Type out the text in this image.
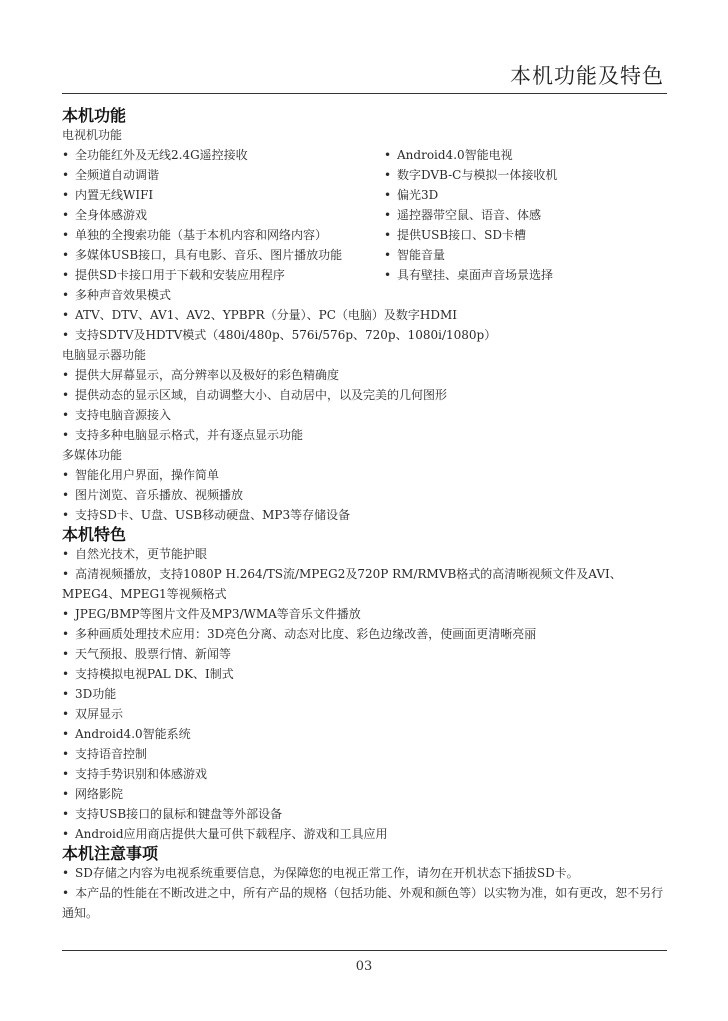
本机功能及特色
本机功能
电视机功能
• 全功能红外及无线2.4G遥控接收
• 全频道自动调谐
• 内置无线WIFI
• 全身体感游戏
• 单独的全搜索功能（基于本机内容和网络内容）
• 多媒体USB接口，具有电影、音乐、图片播放功能
• 提供SD卡接口用于下载和安装应用程序
• Android4.0智能电视
• 数字DVB-C与模拟一体接收机
• 偏光3D
• 遥控器带空鼠、语音、体感
• 提供USB接口、SD卡槽
• 智能音量
• 具有壁挂、桌面声音场景选择
• 多种声音效果模式
• ATV、DTV、AV1、AV2、YPBPR（分量）、PC（电脑）及数字HDMI
• 支持SDTV及HDTV模式（480i/480p、576i/576p、720p、1080i/1080p）
电脑显示器功能
• 提供大屏幕显示，高分辨率以及极好的彩色精确度
• 提供动态的显示区域，自动调整大小、自动居中，以及完美的几何图形
• 支持电脑音源接入
• 支持多种电脑显示格式，并有逐点显示功能
多媒体功能
• 智能化用户界面，操作简单
• 图片浏览、音乐播放、视频播放
• 支持SD卡、U盘、USB移动硬盘、MP3等存储设备
本机特色
• 自然光技术，更节能护眼
• 高清视频播放，支持1080P H.264/TS流/MPEG2及720P RM/RMVB格式的高清晰视频文件及AVI、MPEG4、MPEG1等视频格式
• JPEG/BMP等图片文件及MP3/WMA等音乐文件播放
• 多种画质处理技术应用：3D亮色分离、动态对比度、彩色边缘改善，使画面更清晰亮丽
• 天气预报、股票行情、新闻等
• 支持模拟电视PAL DK、I制式
• 3D功能
• 双屏显示
• Android4.0智能系统
• 支持语音控制
• 支持手势识别和体感游戏
• 网络影院
• 支持USB接口的鼠标和键盘等外部设备
• Android应用商店提供大量可供下载程序、游戏和工具应用
本机注意事项
• SD存储之内容为电视系统重要信息，为保障您的电视正常工作，请勿在开机状态下插拔SD卡。
• 本产品的性能在不断改进之中，所有产品的规格（包括功能、外观和颜色等）以实物为准，如有更改，恕不另行通知。
03
